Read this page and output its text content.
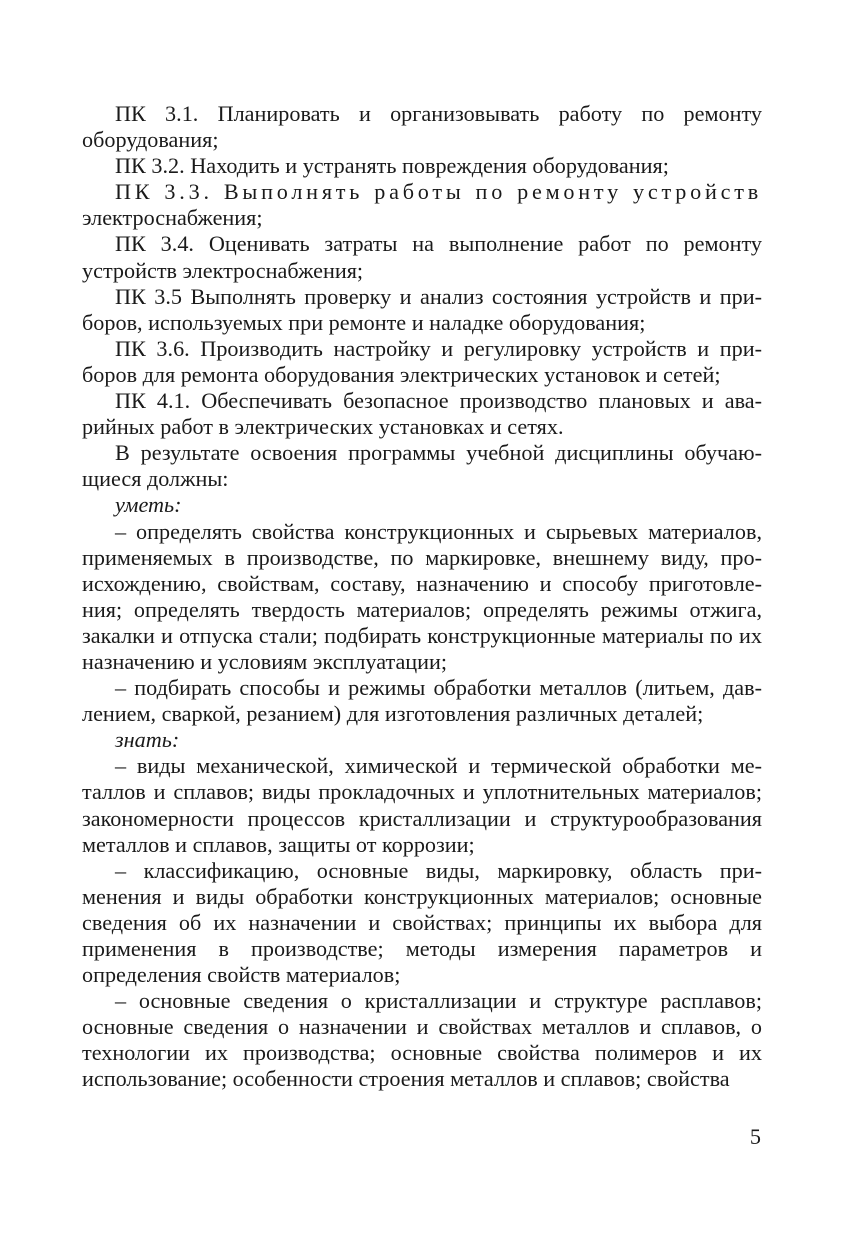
ПК 3.1. Планировать и организовывать работу по ремонту оборудования;

ПК 3.2. Находить и устранять повреждения оборудования;

ПК 3.3. Выполнять работы по ремонту устройств электроснабжения;

ПК 3.4. Оценивать затраты на выполнение работ по ремонту устройств электроснабжения;

ПК 3.5 Выполнять проверку и анализ состояния устройств и приборов, используемых при ремонте и наладке оборудования;

ПК 3.6. Производить настройку и регулировку устройств и приборов для ремонта оборудования электрических установок и сетей;

ПК 4.1. Обеспечивать безопасное производство плановых и аварийных работ в электрических установках и сетях.

В результате освоения программы учебной дисциплины обучающиеся должны:

уметь:

– определять свойства конструкционных и сырьевых материалов, применяемых в производстве, по маркировке, внешнему виду, происхождению, свойствам, составу, назначению и способу приготовления; определять твердость материалов; определять режимы отжига, закалки и отпуска стали; подбирать конструкционные материалы по их назначению и условиям эксплуатации;

– подбирать способы и режимы обработки металлов (литьем, давлением, сваркой, резанием) для изготовления различных деталей;

знать:

– виды механической, химической и термической обработки металлов и сплавов; виды прокладочных и уплотнительных материалов; закономерности процессов кристаллизации и структурообразования металлов и сплавов, защиты от коррозии;

– классификацию, основные виды, маркировку, область применения и виды обработки конструкционных материалов; основные сведения об их назначении и свойствах; принципы их выбора для применения в производстве; методы измерения параметров и определения свойств материалов;

– основные сведения о кристаллизации и структуре расплавов; основные сведения о назначении и свойствах металлов и сплавов, о технологии их производства; основные свойства полимеров и их использование; особенности строения металлов и сплавов; свойства

5
